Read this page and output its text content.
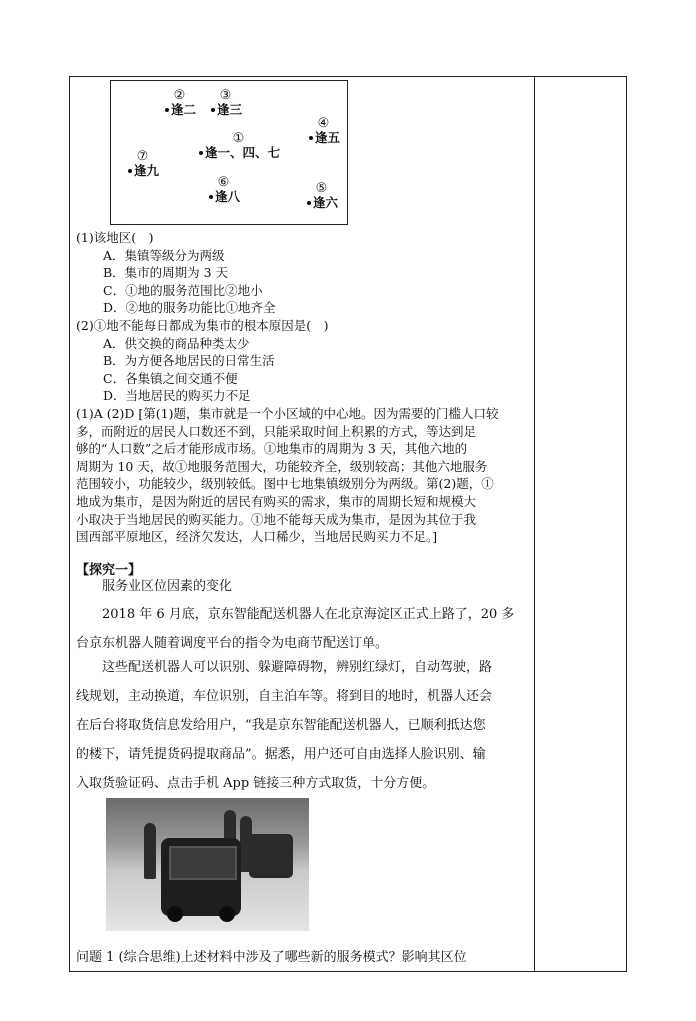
②
逢二
③
逢三
④
逢五
①
逢一、四、七
⑦
逢九
⑥
逢八
⑤
逢六
(1)该地区(　)
A．集镇等级分为两级
B．集市的周期为 3 天
C．①地的服务范围比②地小
D．②地的服务功能比①地齐全
(2)①地不能每日都成为集市的根本原因是(　)
A．供交换的商品种类太少
B．为方便各地居民的日常生活
C．各集镇之间交通不便
D．当地居民的购买力不足
(1)A (2)D [第(1)题，集市就是一个小区域的中心地。因为需要的门槛人口较
多，而附近的居民人口数还不到，只能采取时间上积累的方式，等达到足
够的“人口数”之后才能形成市场。①地集市的周期为 3 天，其他六地的
周期为 10 天，故①地服务范围大，功能较齐全，级别较高；其他六地服务
范围较小，功能较少，级别较低。图中七地集镇级别分为两级。第(2)题，①
地成为集市，是因为附近的居民有购买的需求，集市的周期长短和规模大
小取决于当地居民的购买能力。①地不能每天成为集市，是因为其位于我
国西部平原地区，经济欠发达，人口稀少，当地居民购买力不足。]
【探究一】
服务业区位因素的变化
2018 年 6 月底，京东智能配送机器人在北京海淀区正式上路了，20 多
台京东机器人随着调度平台的指令为电商节配送订单。
这些配送机器人可以识别、躲避障碍物，辨别红绿灯，自动驾驶，路
线规划，主动换道，车位识别，自主泊车等。将到目的地时，机器人还会
在后台将取货信息发给用户，“我是京东智能配送机器人，已顺利抵达您
的楼下，请凭提货码提取商品”。据悉，用户还可自由选择人脸识别、输
入取货验证码、点击手机 App 链接三种方式取货，十分方便。
问题 1 (综合思维)上述材料中涉及了哪些新的服务模式？影响其区位
